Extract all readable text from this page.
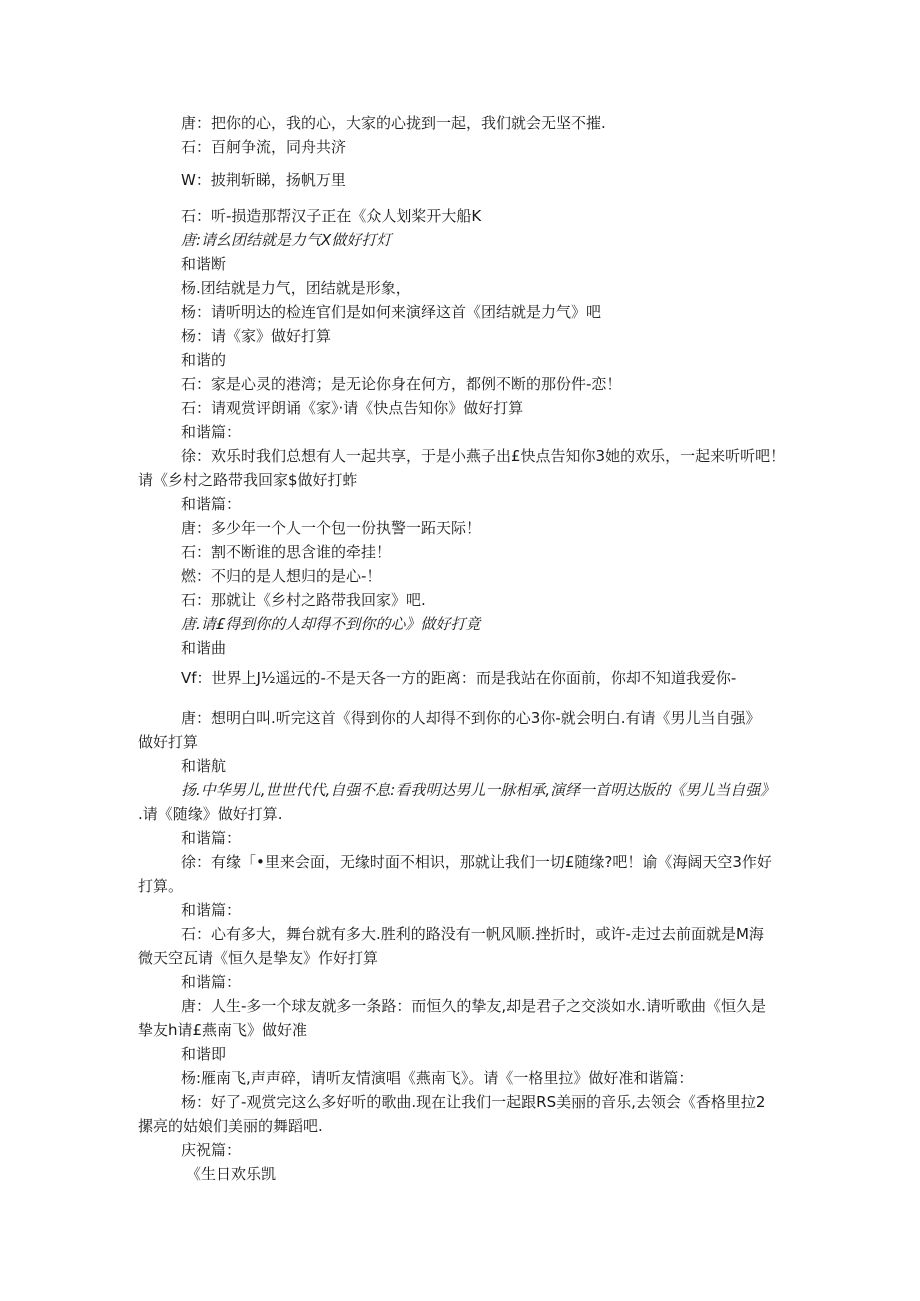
唐：把你的心，我的心，大家的心拢到一起，我们就会无坚不摧.
石：百舸争流，同舟共济
W：披荆斩睇，扬帆万里
石：听-损造那帮汉子正在《众人划桨开大船K
唐:请幺团结就是力气X做好打灯
和谐断
杨.团结就是力气，团结就是形象，
杨：请听明达的检连官们是如何来演绎这首《团结就是力气》吧
杨：请《家》做好打算
和谐的
石：家是心灵的港湾；是无论你身在何方，都例不断的那份件-恋！
石：请观赏评朗诵《家》·请《快点告知你》做好打算
和谐篇：
徐：欢乐时我们总想有人一起共享，于是小燕子出£快点告知你3她的欢乐，一起来听听吧！
请《乡村之路带我回家$做好打蚱
和谐篇：
唐：多少年一个人一个包一份执警一跖天际！
石：割不断谁的思含谁的牵挂！
燃：不归的是人想归的是心-！
石：那就让《乡村之路带我回家》吧.
唐.请£得到你的人却得不到你的心》做好打竟
和谐曲
Vf：世界上J½遥远的-不是天各一方的距离：而是我站在你面前，你却不知道我爱你-
唐：想明白叫.听完这首《得到你的人却得不到你的心3你-就会明白.有请《男儿当自强》
做好打算
和谐航
扬.中华男儿,世世代代,自强不息:看我明达男儿一脉相承,演绎一首明达版的《男儿当自强》
.请《随缘》做好打算.
和谐篇：
徐：有缘「•里来会面，无缘时面不相识，那就让我们一切£随缘?吧！谕《海阔天空3作好
打算。
和谐篇：
石：心有多大，舞台就有多大.胜利的路没有一帆风顺.挫折时，或许-走过去前面就是M海
微天空瓦请《恒久是挚友》作好打算
和谐篇：
唐：人生-多一个球友就多一条路：而恒久的挚友,却是君子之交淡如水.请听歌曲《恒久是
挚友h请£燕南飞》做好准
和谐即
杨:雁南飞,声声碎，请听友情演唱《燕南飞》。请《一格里拉》做好准和谐篇：
杨：好了-观赏完这么多好听的歌曲.现在让我们一起跟RS美丽的音乐,去领会《香格里拉2
摞亮的姑娘们美丽的舞蹈吧.
庆祝篇：
《生日欢乐凯
